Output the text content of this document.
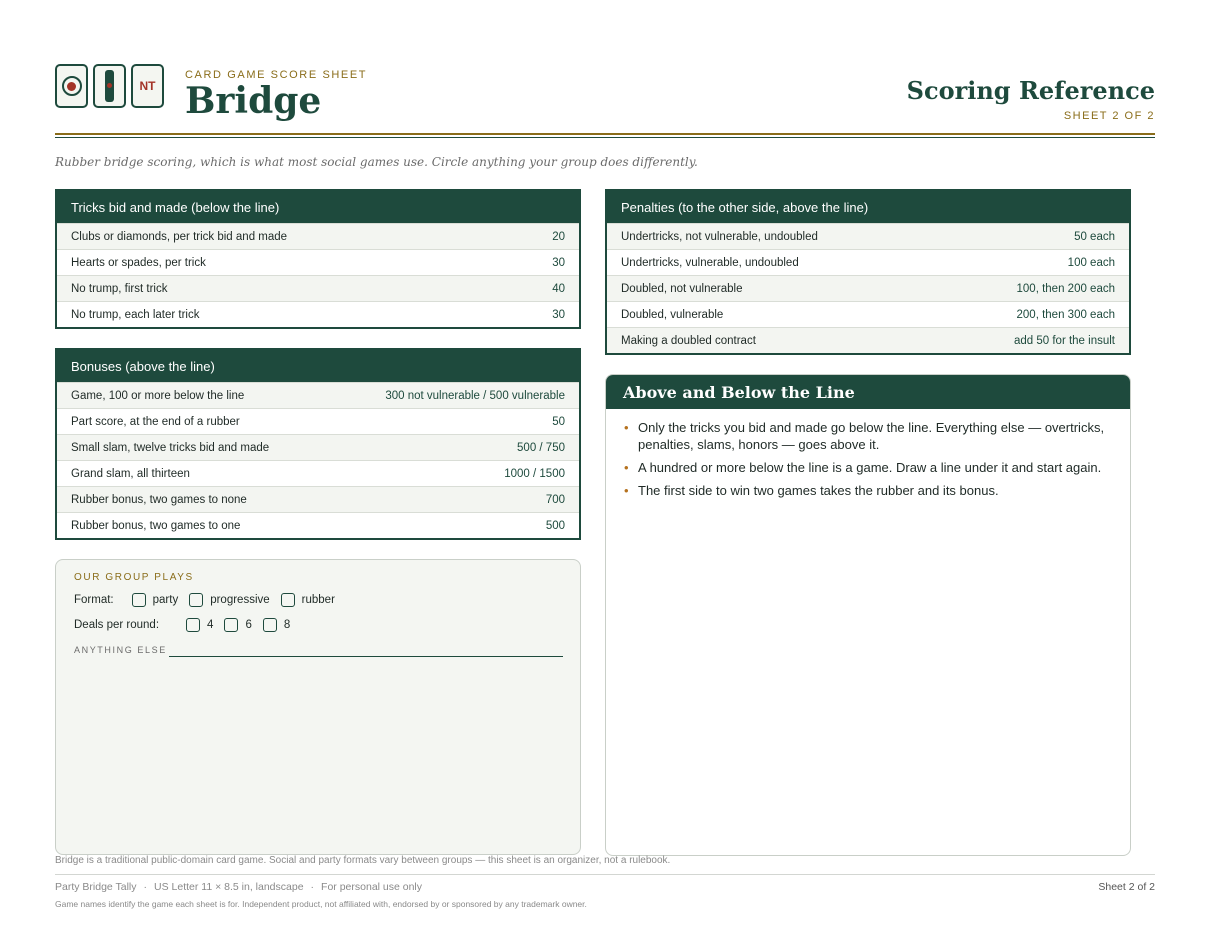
NT
CARD GAME SCORE SHEET
Bridge	Scoring Reference
SHEET 2 OF 2
Rubber bridge scoring, which is what most social games use. Circle anything your group does differently.
Tricks bid and made (below the line)
Clubs or diamonds, per trick bid and made	20
Hearts or spades, per trick	30
No trump, first trick	40
No trump, each later trick	30
Bonuses (above the line)
Game, 100 or more below the line	300 not vulnerable / 500 vulnerable
Part score, at the end of a rubber	50
Small slam, twelve tricks bid and made	500 / 750
Grand slam, all thirteen	1000 / 1500
Rubber bonus, two games to none	700
Rubber bonus, two games to one	500
Penalties (to the other side, above the line)
Undertricks, not vulnerable, undoubled	50 each
Undertricks, vulnerable, undoubled	100 each
Doubled, not vulnerable	100, then 200 each
Doubled, vulnerable	200, then 300 each
Making a doubled contract	add 50 for the insult
OUR GROUP PLAYS
Format:	party	progressive	rubber
Deals per round:	4	6	8
ANYTHING ELSE
Above and Below the Line
• Only the tricks you bid and made go below the line. Everything else — overtricks, penalties, slams, honors — goes above it.
• A hundred or more below the line is a game. Draw a line under it and start again.
• The first side to win two games takes the rubber and its bonus.
Bridge is a traditional public-domain card game. Social and party formats vary between groups — this sheet is an organizer, not a rulebook.
Party Bridge Tally · US Letter 11 × 8.5 in, landscape · For personal use only	Sheet 2 of 2
Game names identify the game each sheet is for. Independent product, not affiliated with, endorsed by or sponsored by any trademark owner.
